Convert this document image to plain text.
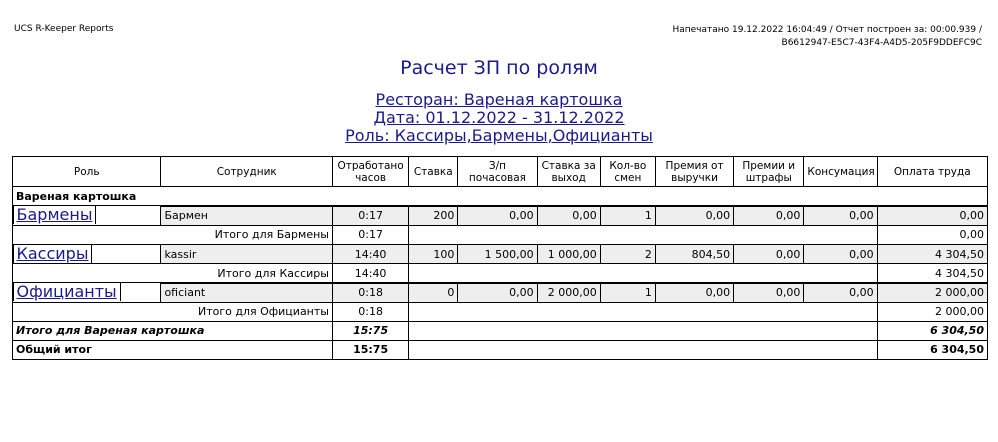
UCS R-Keeper Reports	Напечатано 19.12.2022 16:04:49 / Отчет построен за: 00:00.939 /
B6612947-E5C7-43F4-A4D5-205F9DDEFC9C
Расчет ЗП по ролям
Ресторан: Вареная картошка
Дата: 01.12.2022 - 31.12.2022
Роль: Кассиры,Бармены,Официанты
Роль	Сотрудник	Отработано часов	Ставка	З/п почасовая	Ставка за выход	Кол-во смен	Премия от выручки	Премии и штрафы	Консумация	Оплата труда
Вареная картошка

Бармены
	Бармен	0:17	200	0,00	0,00	1	0,00	0,00	0,00	0,00
Итого для Бармены	0:17		0,00

Кассиры
	kassir	14:40	100	1 500,00	1 000,00	2	804,50	0,00	0,00	4 304,50
Итого для Кассиры	14:40		4 304,50

Официанты
	oficiant	0:18	0	0,00	2 000,00	1	0,00	0,00	0,00	2 000,00
Итого для Официанты	0:18		2 000,00
Итого для Вареная картошка	15:75		6 304,50
Общий итог	15:75		6 304,50
